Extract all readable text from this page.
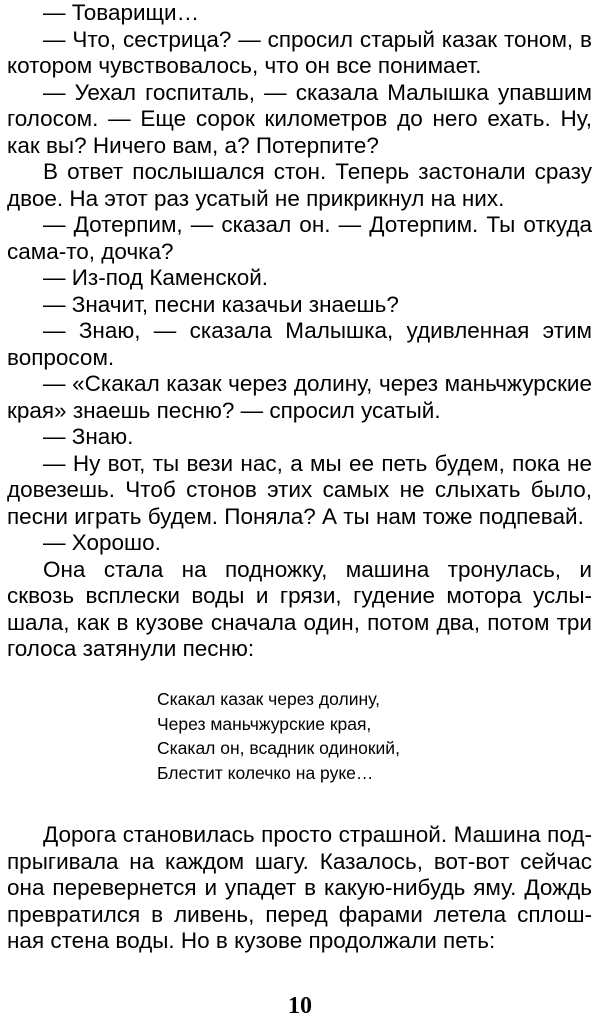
— Товарищи…

— Что, сестрица? — спросил старый казак тоном, в котором чувствовалось, что он все понимает.

— Уехал госпиталь, — сказала Малышка упавшим голосом. — Еще сорок километров до него ехать. Ну, как вы? Ничего вам, а? Потерпите?

В ответ послышался стон. Теперь застонали сразу двое. На этот раз усатый не прикрикнул на них.

— Дотерпим, — сказал он. — Дотерпим. Ты откуда сама-то, дочка?

— Из-под Каменской.

— Значит, песни казачьи знаешь?

— Знаю, — сказала Малышка, удивленная этим вопросом.

— «Скакал казак через долину, через маньчжурские края» знаешь песню? — спросил усатый.

— Знаю.

— Ну вот, ты вези нас, а мы ее петь будем, пока не довезешь. Чтоб стонов этих самых не слыхать было, песни играть будем. Поняла? А ты нам тоже подпевай.

— Хорошо.

Она стала на подножку, машина тронулась, и сквозь всплески воды и грязи, гудение мотора услышала, как в кузове сначала один, потом два, потом три голоса затянули песню:

Скакал казак через долину,
Через маньчжурские края,
Скакал он, всадник одинокий,
Блестит колечко на руке…

Дорога становилась просто страшной. Машина подпрыгивала на каждом шагу. Казалось, вот-вот сейчас она перевернется и упадет в какую-нибудь яму. Дождь превратился в ливень, перед фарами летела сплошная стена воды. Но в кузове продолжали петь:

10
